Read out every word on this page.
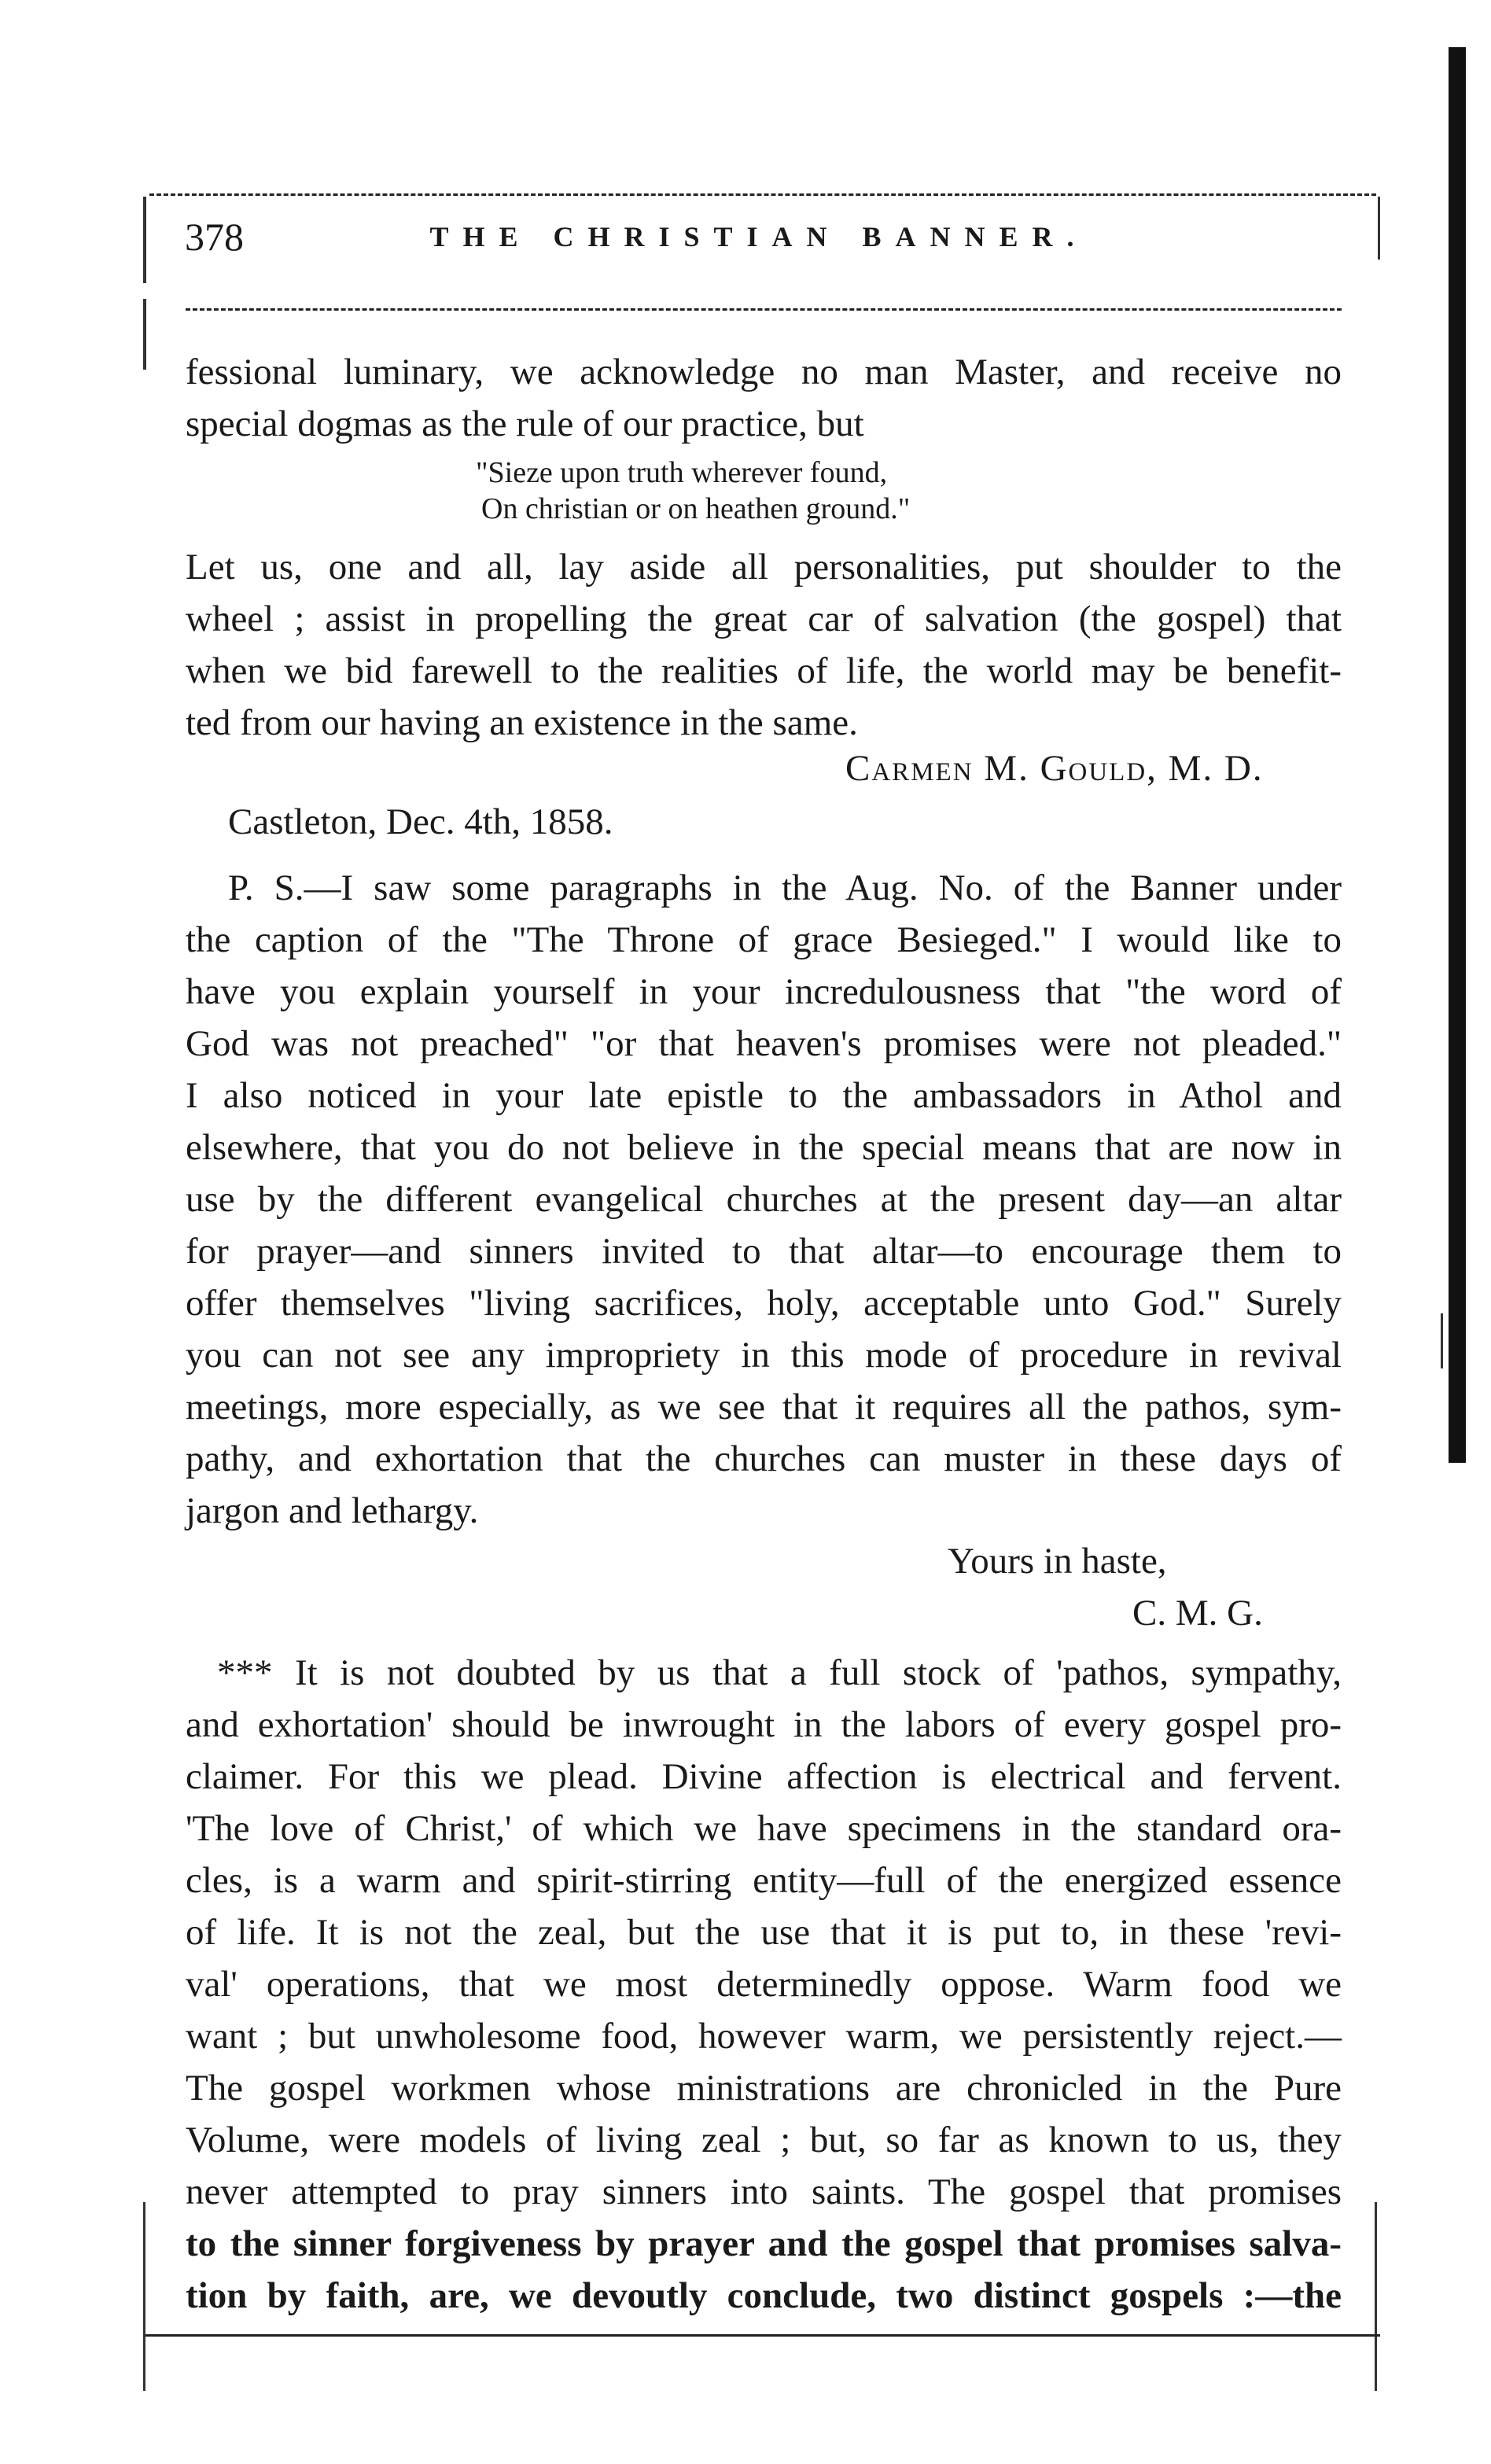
378	THE CHRISTIAN BANNER.
fessional luminary, we acknowledge no man Master, and receive no
special dogmas as the rule of our practice, but
"Sieze upon truth wherever found,
On christian or on heathen ground."
Let us, one and all, lay aside all personalities, put shoulder to the
wheel ; assist in propelling the great car of salvation (the gospel) that
when we bid farewell to the realities of life, the world may be benefit-
ted from our having an existence in the same.
Carmen M. Gould, M. D.
Castleton, Dec. 4th, 1858.
P. S.—I saw some paragraphs in the Aug. No. of the Banner under
the caption of the "The Throne of grace Besieged." I would like to
have you explain yourself in your incredulousness that "the word of
God was not preached" "or that heaven's promises were not pleaded."
I also noticed in your late epistle to the ambassadors in Athol and
elsewhere, that you do not believe in the special means that are now in
use by the different evangelical churches at the present day—an altar
for prayer—and sinners invited to that altar—to encourage them to
offer themselves "living sacrifices, holy, acceptable unto God." Surely
you can not see any impropriety in this mode of procedure in revival
meetings, more especially, as we see that it requires all the pathos, sym-
pathy, and exhortation that the churches can muster in these days of
jargon and lethargy.
Yours in haste,
C. M. G.
*** It is not doubted by us that a full stock of 'pathos, sympathy,
and exhortation' should be inwrought in the labors of every gospel pro-
claimer. For this we plead. Divine affection is electrical and fervent.
'The love of Christ,' of which we have specimens in the standard ora-
cles, is a warm and spirit-stirring entity—full of the energized essence
of life. It is not the zeal, but the use that it is put to, in these 'revi-
val' operations, that we most determinedly oppose. Warm food we
want ; but unwholesome food, however warm, we persistently reject.—
The gospel workmen whose ministrations are chronicled in the Pure
Volume, were models of living zeal ; but, so far as known to us, they
never attempted to pray sinners into saints. The gospel that promises
to the sinner forgiveness by prayer and the gospel that promises salva-
tion by faith, are, we devoutly conclude, two distinct gospels :—the
